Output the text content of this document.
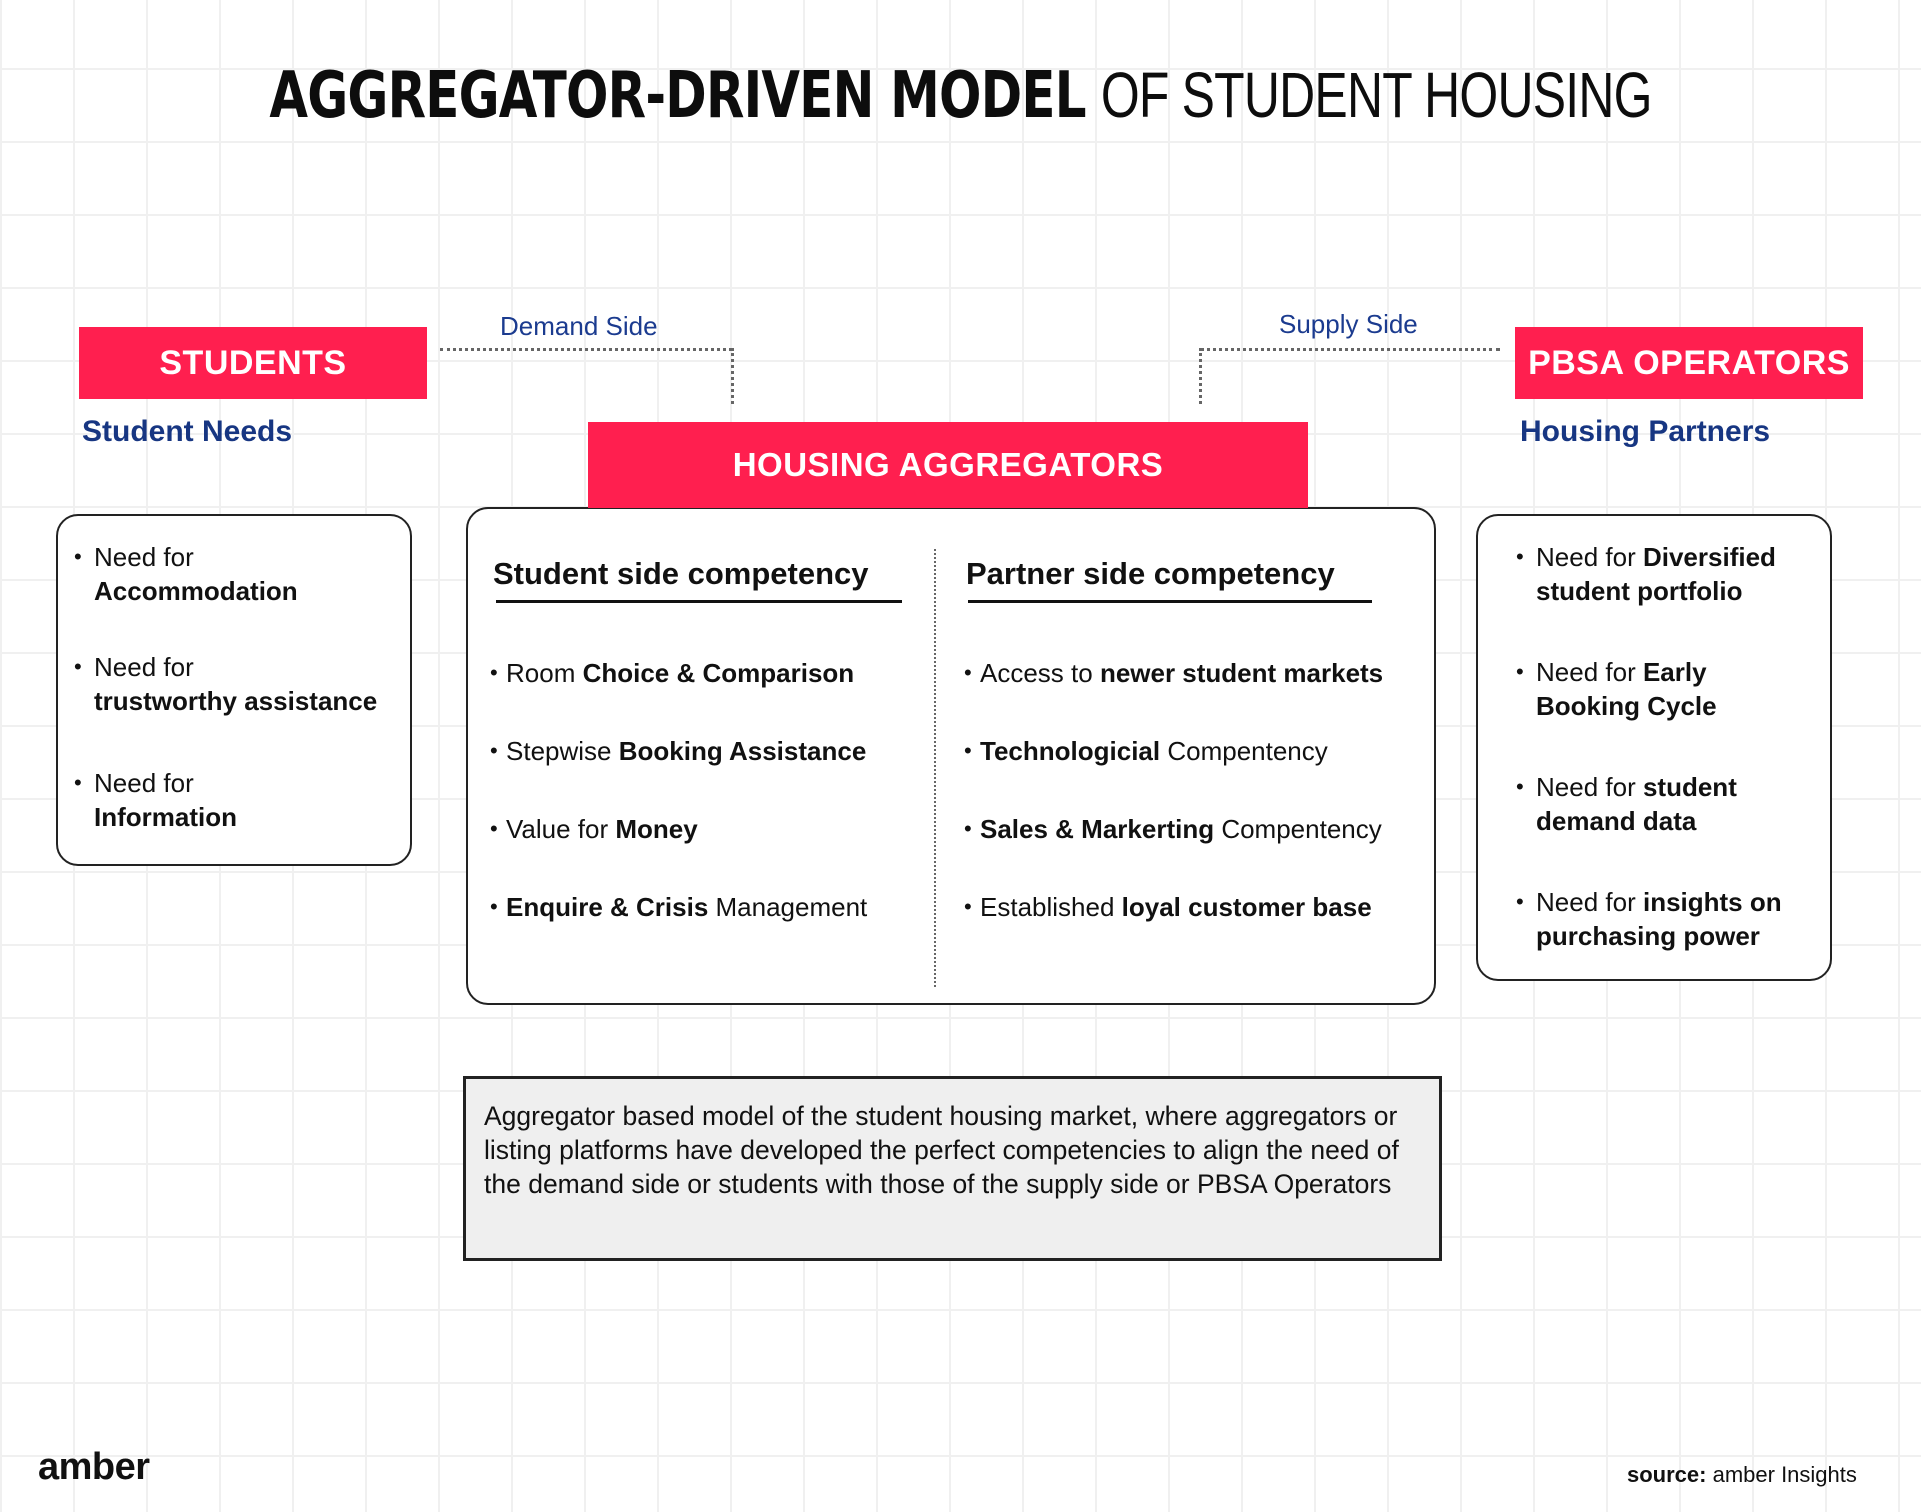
AGGREGATOR-DRIVEN MODEL OF STUDENT HOUSING
STUDENTS
Student Needs
Demand Side	Supply Side
PBSA OPERATORS
Housing Partners
• Need for
Accommodation
• Need for
trustworthy assistance
• Need for
Information
Student side competency
• Room Choice & Comparison
• Stepwise Booking Assistance
• Value for Money
• Enquire & Crisis Management
Partner side competency
• Access to newer student markets
• Technologicial Compentency
• Sales & Markerting Compentency
• Established loyal customer base
HOUSING AGGREGATORS
• Need for Diversified
student portfolio
• Need for Early
Booking Cycle
• Need for student
demand data
• Need for insights on
purchasing power
Aggregator based model of the student housing market, where aggregators or listing platforms have developed the perfect competencies to align the need of the demand side or students with those of the supply side or PBSA Operators
amber	source: amber Insights
